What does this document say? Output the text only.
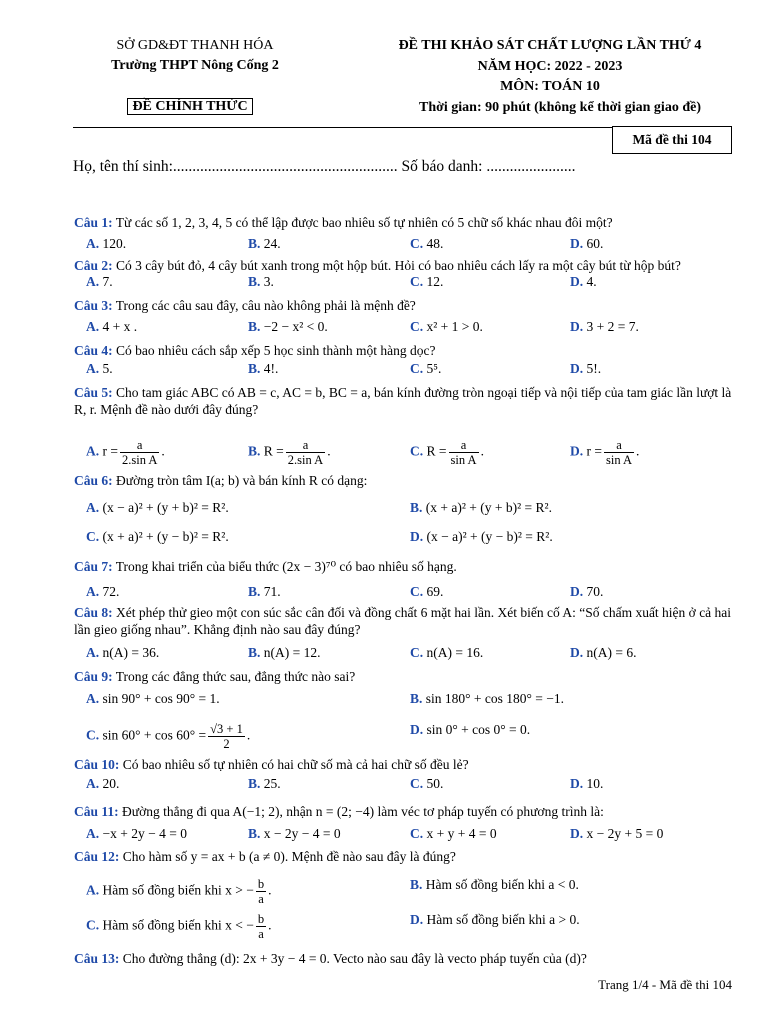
SỞ GD&ĐT THANH HÓA
Trường THPT Nông Cống 2
ĐỀ CHÍNH THỨC
ĐỀ THI KHẢO SÁT CHẤT LƯỢNG LẦN THỨ 4
NĂM HỌC: 2022 - 2023
MÔN: TOÁN 10
Thời gian: 90 phút (không kể thời gian giao đề)
Mã đề thi 104
Họ, tên thí sinh:.......................................................... Số báo danh: .......................
Câu 1: Từ các số 1, 2, 3, 4, 5 có thể lập được bao nhiêu số tự nhiên có 5 chữ số khác nhau đôi một?
A. 120.	B. 24.	C. 48.	D. 60.
Câu 2: Có 3 cây bút đỏ, 4 cây bút xanh trong một hộp bút. Hỏi có bao nhiêu cách lấy ra một cây bút từ hộp bút?
A. 7.	B. 3.	C. 12.	D. 4.
Câu 3: Trong các câu sau đây, câu nào không phải là mệnh đề?
A. 4 + x .	B. −2 − x² < 0.	C. x² + 1 > 0.	D. 3 + 2 = 7.
Câu 4: Có bao nhiêu cách sắp xếp 5 học sinh thành một hàng dọc?
A. 5.	B. 4!.	C. 5⁵.	D. 5!.
Câu 5: Cho tam giác ABC có AB = c, AC = b, BC = a, bán kính đường tròn ngoại tiếp và nội tiếp của tam giác lần lượt là R, r. Mệnh đề nào dưới đây đúng?
A. $r = \frac{a}{\text{2.sin A}}$ .	B. $R = \frac{a}{\text{2.sin A}}$ .	C. $R = \frac{a}{\text{sin A}}$ .	D. $r = \frac{a}{\text{sin A}}$ .
Câu 6: Đường tròn tâm I(a; b) và bán kính R có dạng:
A. (x − a)² + (y + b)² = R².	B. (x + a)² + (y + b)² = R².
C. (x + a)² + (y − b)² = R².	D. (x − a)² + (y − b)² = R².
Câu 7: Trong khai triển của biểu thức (2x − 3)⁷⁰ có bao nhiêu số hạng.
A. 72.	B. 71.	C. 69.	D. 70.
Câu 8: Xét phép thử gieo một con súc sắc cân đối và đồng chất 6 mặt hai lần. Xét biến cố A: “Số chấm xuất hiện ở cả hai lần gieo giống nhau”. Khẳng định nào sau đây đúng?
A. n(A) = 36.	B. n(A) = 12.	C. n(A) = 16.	D. n(A) = 6.
Câu 9: Trong các đẳng thức sau, đẳng thức nào sai?
A. sin 90° + cos 90° = 1.	B. sin 180° + cos 180° = −1.
C. $\sin 60^\circ + \cos 60^\circ = \frac{√3 + 1}{2}$ .	D. sin 0° + cos 0° = 0.
Câu 10: Có bao nhiêu số tự nhiên có hai chữ số mà cả hai chữ số đều lẻ?
A. 20.	B. 25.	C. 50.	D. 10.
Câu 11: Đường thẳng đi qua A(−1; 2), nhận n = (2; −4) làm véc tơ pháp tuyến có phương trình là:
A. −x + 2y − 4 = 0	B. x − 2y − 4 = 0	C. x + y + 4 = 0	D. x − 2y + 5 = 0
Câu 12: Cho hàm số y = ax + b (a ≠ 0). Mệnh đề nào sau đây là đúng?
A. Hàm số đồng biến khi x > − $\frac{b}{a}$ .	B. Hàm số đồng biến khi a < 0.
C. Hàm số đồng biến khi x < − $\frac{b}{a}$ .	D. Hàm số đồng biến khi a > 0.
Câu 13: Cho đường thẳng (d): 2x + 3y − 4 = 0. Vecto nào sau đây là vecto pháp tuyến của (d)?
Trang 1/4 - Mã đề thi 104
